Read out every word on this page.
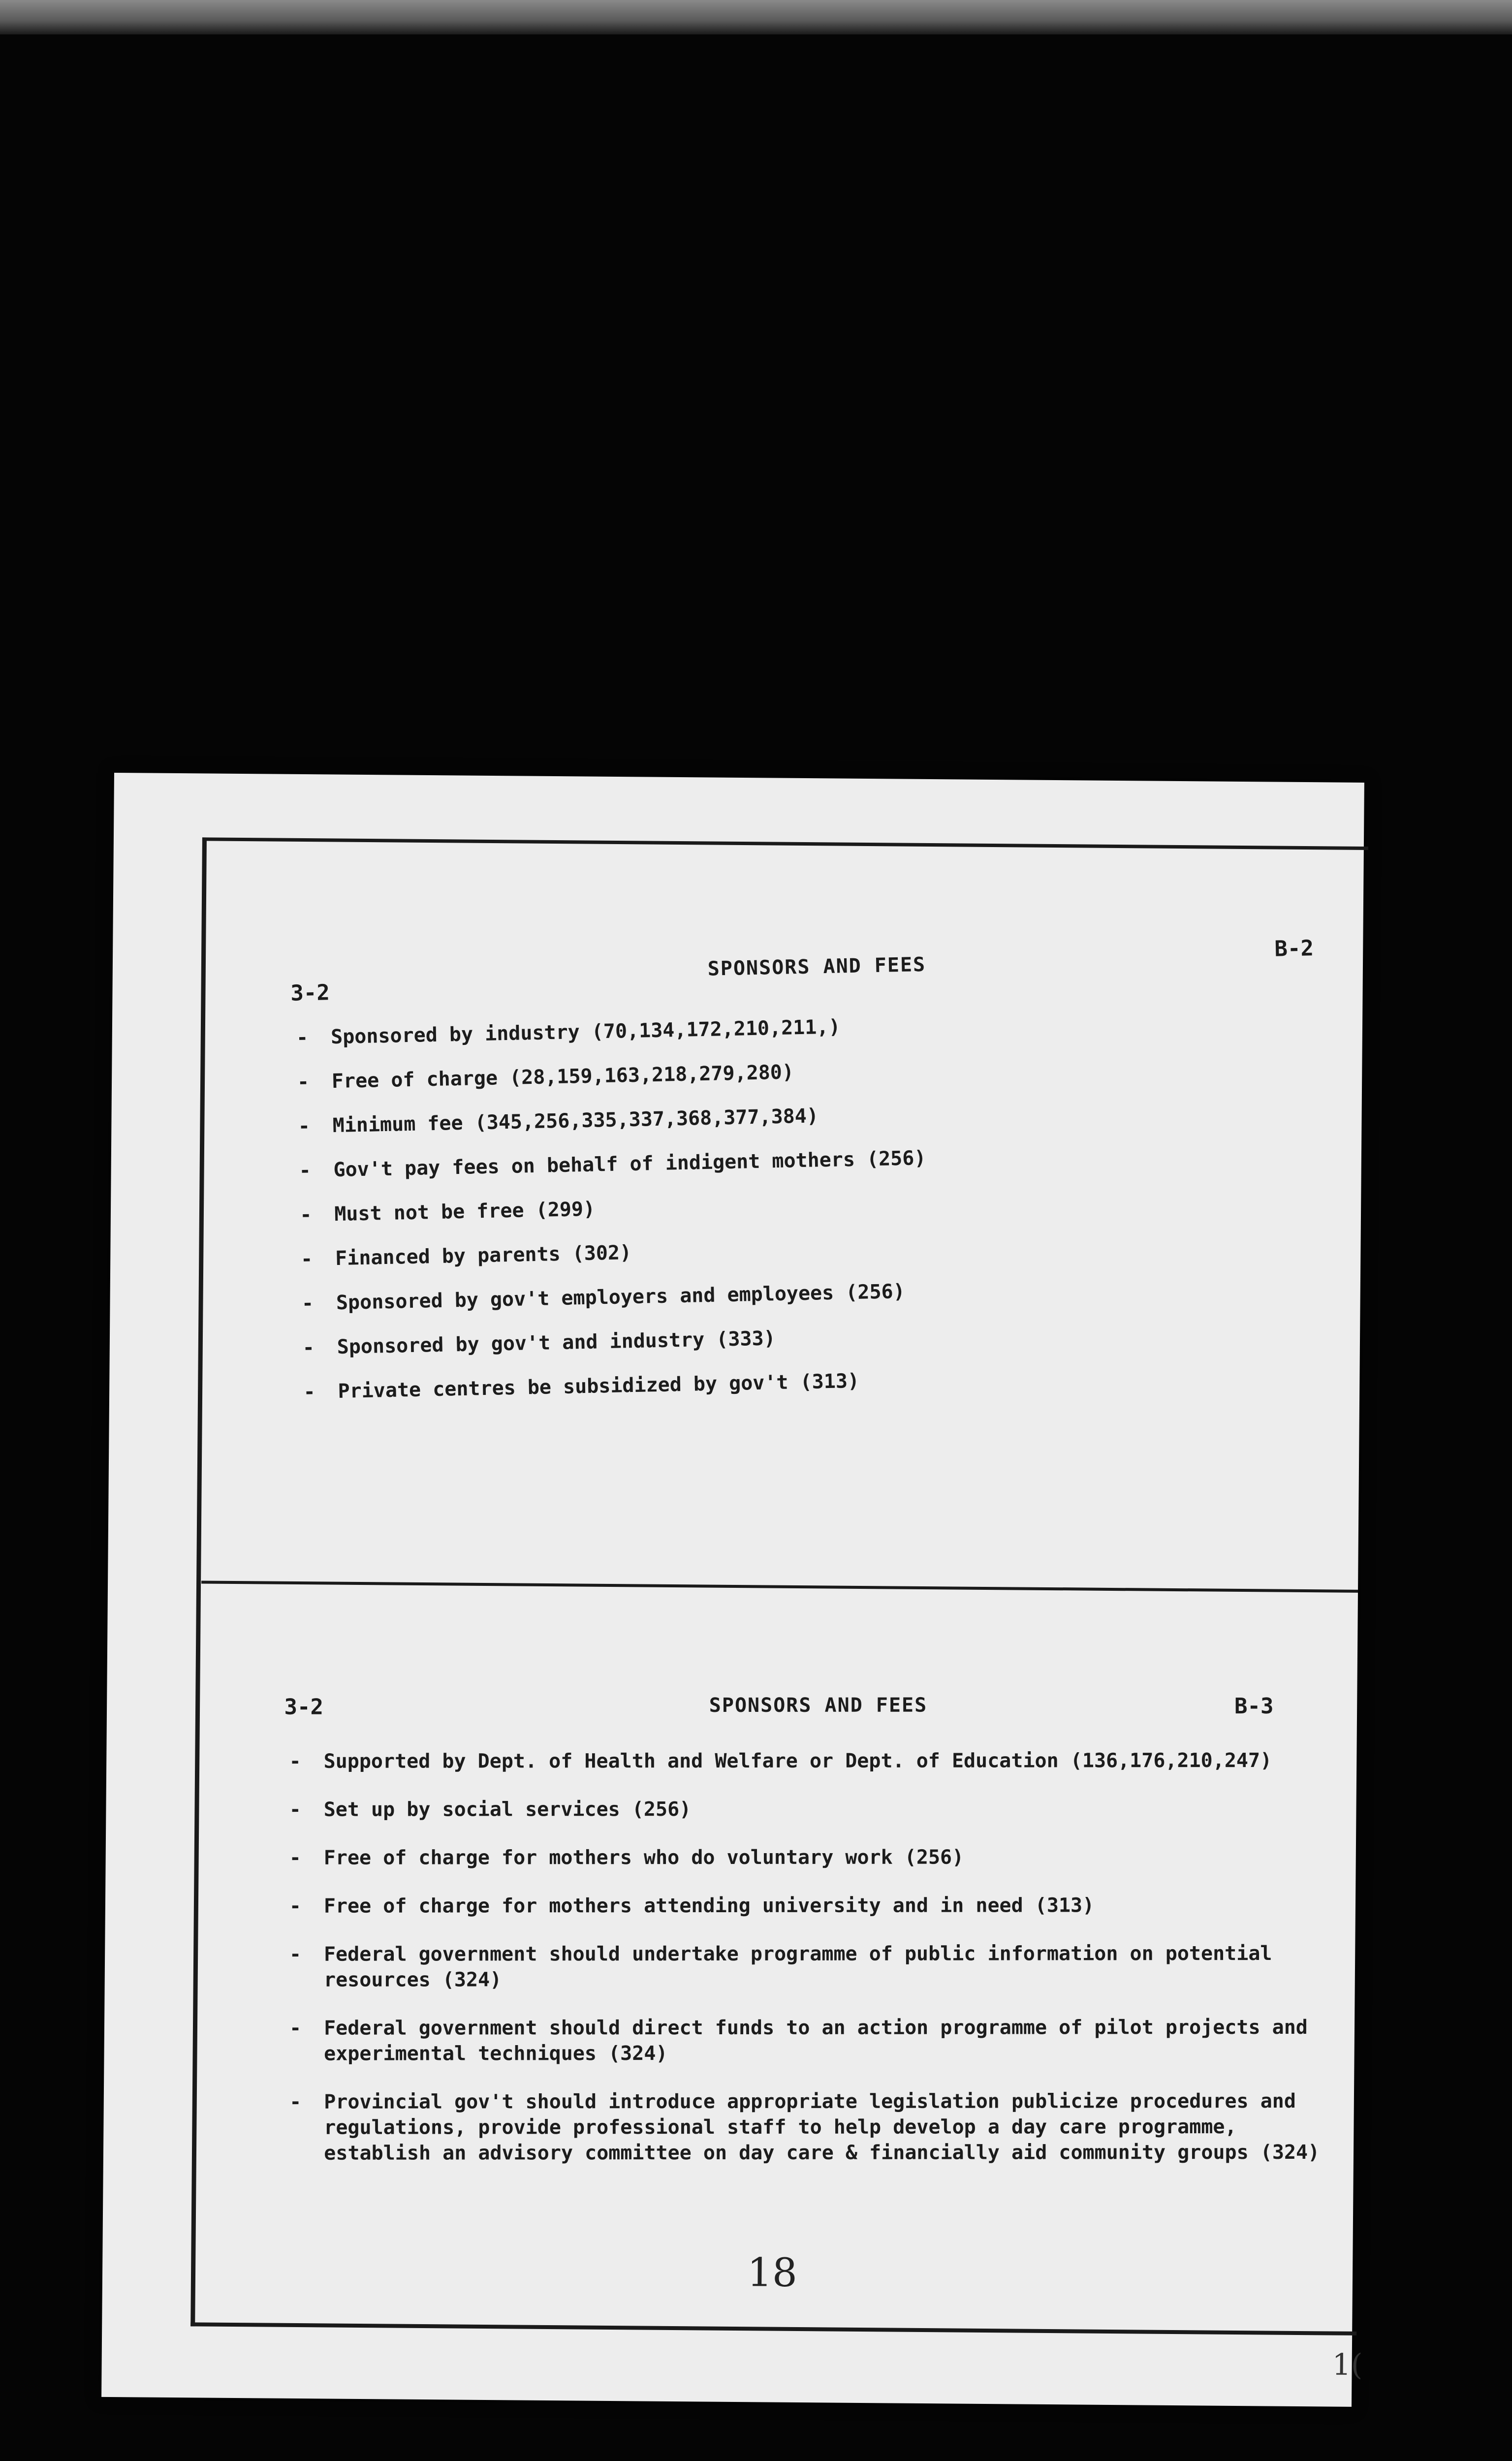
3-2
SPONSORS AND FEES
B-2
- Sponsored by industry (70,134,172,210,211,)
- Free of charge (28,159,163,218,279,280)
- Minimum fee (345,256,335,337,368,377,384)
- Gov't pay fees on behalf of indigent mothers (256)
- Must not be free (299)
- Financed by parents (302)
- Sponsored by gov't employers and employees (256)
- Sponsored by gov't and industry (333)
- Private centres be subsidized by gov't (313)
3-2	SPONSORS AND FEES	B-3
- Supported by Dept. of Health and Welfare or Dept. of Education (136,176,210,247)
- Set up by social services (256)
- Free of charge for mothers who do voluntary work (256)
- Free of charge for mothers attending university and in need (313)
- Federal government should undertake programme of public information on potential resources (324)
- Federal government should direct funds to an action programme of pilot projects and experimental techniques (324)
- Provincial gov't should introduce appropriate legislation publicize procedures and regulations, provide professional staff to help develop a day care programme, establish an advisory committee on day care & financially aid community groups (324)
18
1(
